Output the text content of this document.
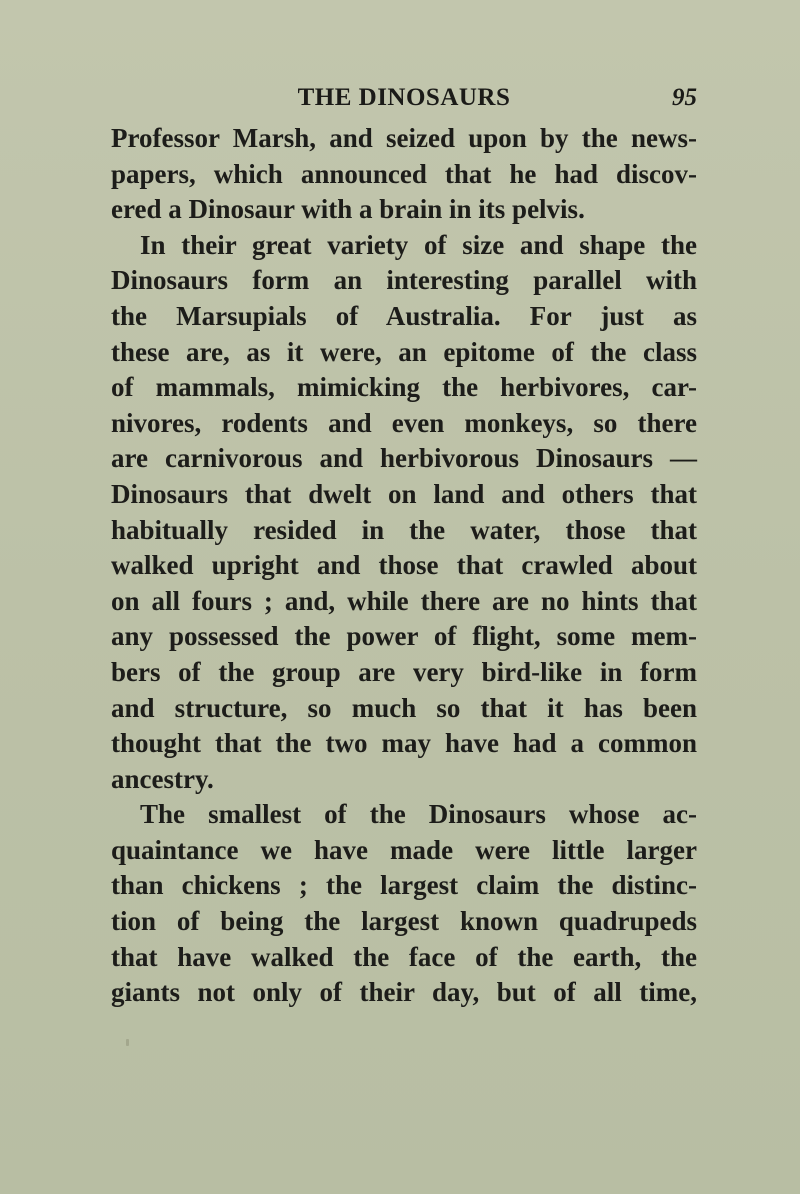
THE DINOSAURS	95
Professor Marsh, and seized upon by the news-
papers, which announced that he had discov-
ered a Dinosaur with a brain in its pelvis.
In their great variety of size and shape the
Dinosaurs form an interesting parallel with
the Marsupials of Australia. For just as
these are, as it were, an epitome of the class
of mammals, mimicking the herbivores, car-
nivores, rodents and even monkeys, so there
are carnivorous and herbivorous Dinosaurs —
Dinosaurs that dwelt on land and others that
habitually resided in the water, those that
walked upright and those that crawled about
on all fours ; and, while there are no hints that
any possessed the power of flight, some mem-
bers of the group are very bird-like in form
and structure, so much so that it has been
thought that the two may have had a common
ancestry.
The smallest of the Dinosaurs whose ac-
quaintance we have made were little larger
than chickens ; the largest claim the distinc-
tion of being the largest known quadrupeds
that have walked the face of the earth, the
giants not only of their day, but of all time,
